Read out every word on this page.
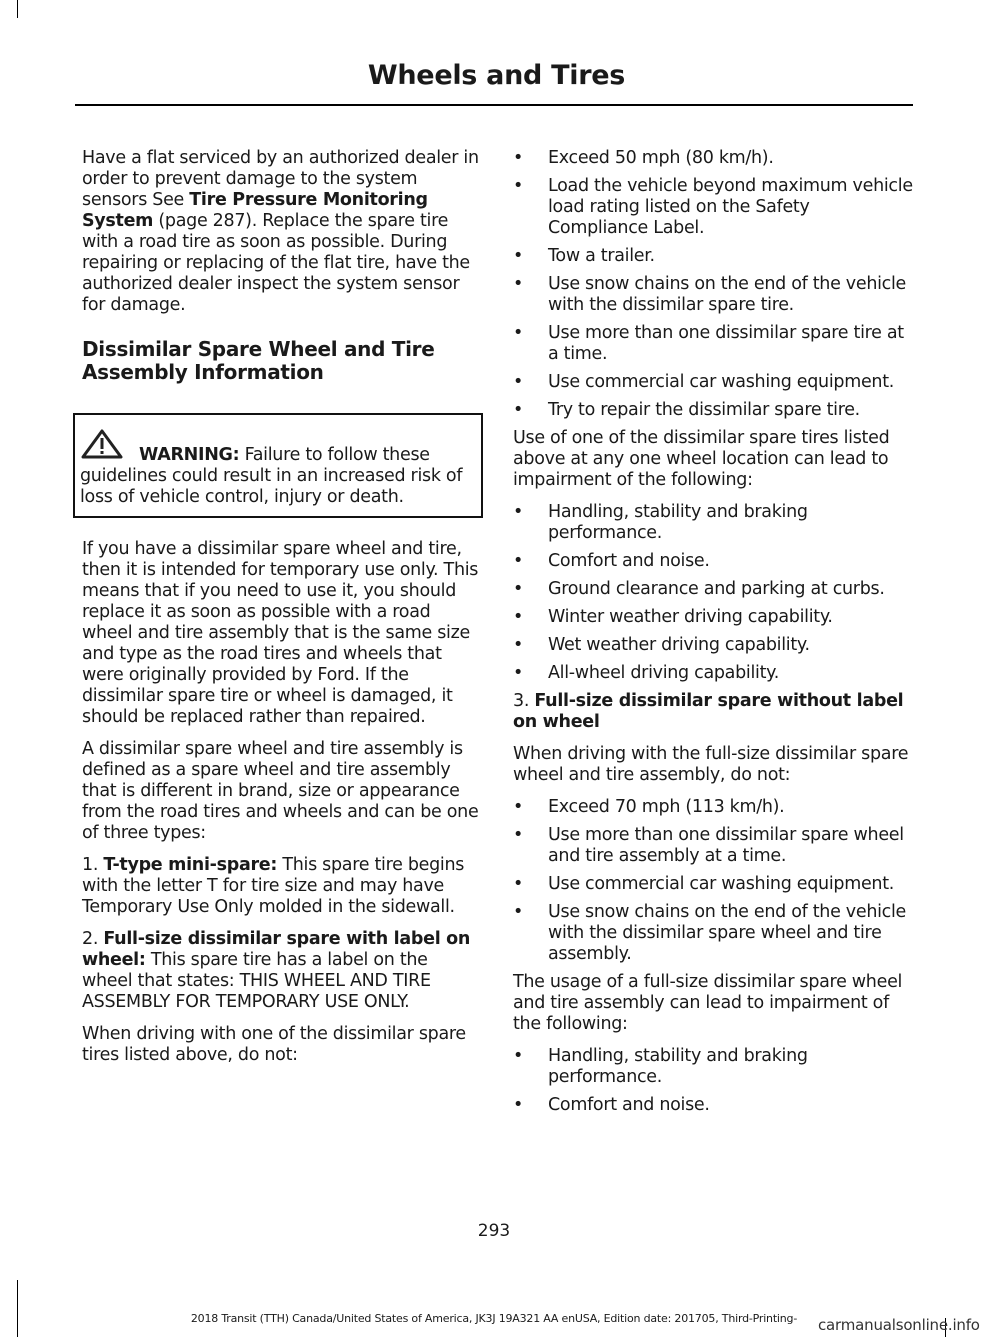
Wheels and Tires

Have a flat serviced by an authorized dealer in order to prevent damage to the system sensors See Tire Pressure Monitoring System (page 287). Replace the spare tire with a road tire as soon as possible. During repairing or replacing of the flat tire, have the authorized dealer inspect the system sensor for damage.

Dissimilar Spare Wheel and Tire Assembly Information

WARNING: Failure to follow these guidelines could result in an increased risk of loss of vehicle control, injury or death.

If you have a dissimilar spare wheel and tire, then it is intended for temporary use only. This means that if you need to use it, you should replace it as soon as possible with a road wheel and tire assembly that is the same size and type as the road tires and wheels that were originally provided by Ford. If the dissimilar spare tire or wheel is damaged, it should be replaced rather than repaired.

A dissimilar spare wheel and tire assembly is defined as a spare wheel and tire assembly that is different in brand, size or appearance from the road tires and wheels and can be one of three types:

1. T-type mini-spare: This spare tire begins with the letter T for tire size and may have Temporary Use Only molded in the sidewall.

2. Full-size dissimilar spare with label on wheel: This spare tire has a label on the wheel that states: THIS WHEEL AND TIRE ASSEMBLY FOR TEMPORARY USE ONLY.

When driving with one of the dissimilar spare tires listed above, do not:

• Exceed 50 mph (80 km/h).
• Load the vehicle beyond maximum vehicle load rating listed on the Safety Compliance Label.
• Tow a trailer.
• Use snow chains on the end of the vehicle with the dissimilar spare tire.
• Use more than one dissimilar spare tire at a time.
• Use commercial car washing equipment.
• Try to repair the dissimilar spare tire.

Use of one of the dissimilar spare tires listed above at any one wheel location can lead to impairment of the following:

• Handling, stability and braking performance.
• Comfort and noise.
• Ground clearance and parking at curbs.
• Winter weather driving capability.
• Wet weather driving capability.
• All-wheel driving capability.

3. Full-size dissimilar spare without label on wheel

When driving with the full-size dissimilar spare wheel and tire assembly, do not:

• Exceed 70 mph (113 km/h).
• Use more than one dissimilar spare wheel and tire assembly at a time.
• Use commercial car washing equipment.
• Use snow chains on the end of the vehicle with the dissimilar spare wheel and tire assembly.

The usage of a full-size dissimilar spare wheel and tire assembly can lead to impairment of the following:

• Handling, stability and braking performance.
• Comfort and noise.
293
2018 Transit (TTH) Canada/United States of America, JK3J 19A321 AA enUSA, Edition date: 201705, Third-Printing-	carmanualsonline.info
